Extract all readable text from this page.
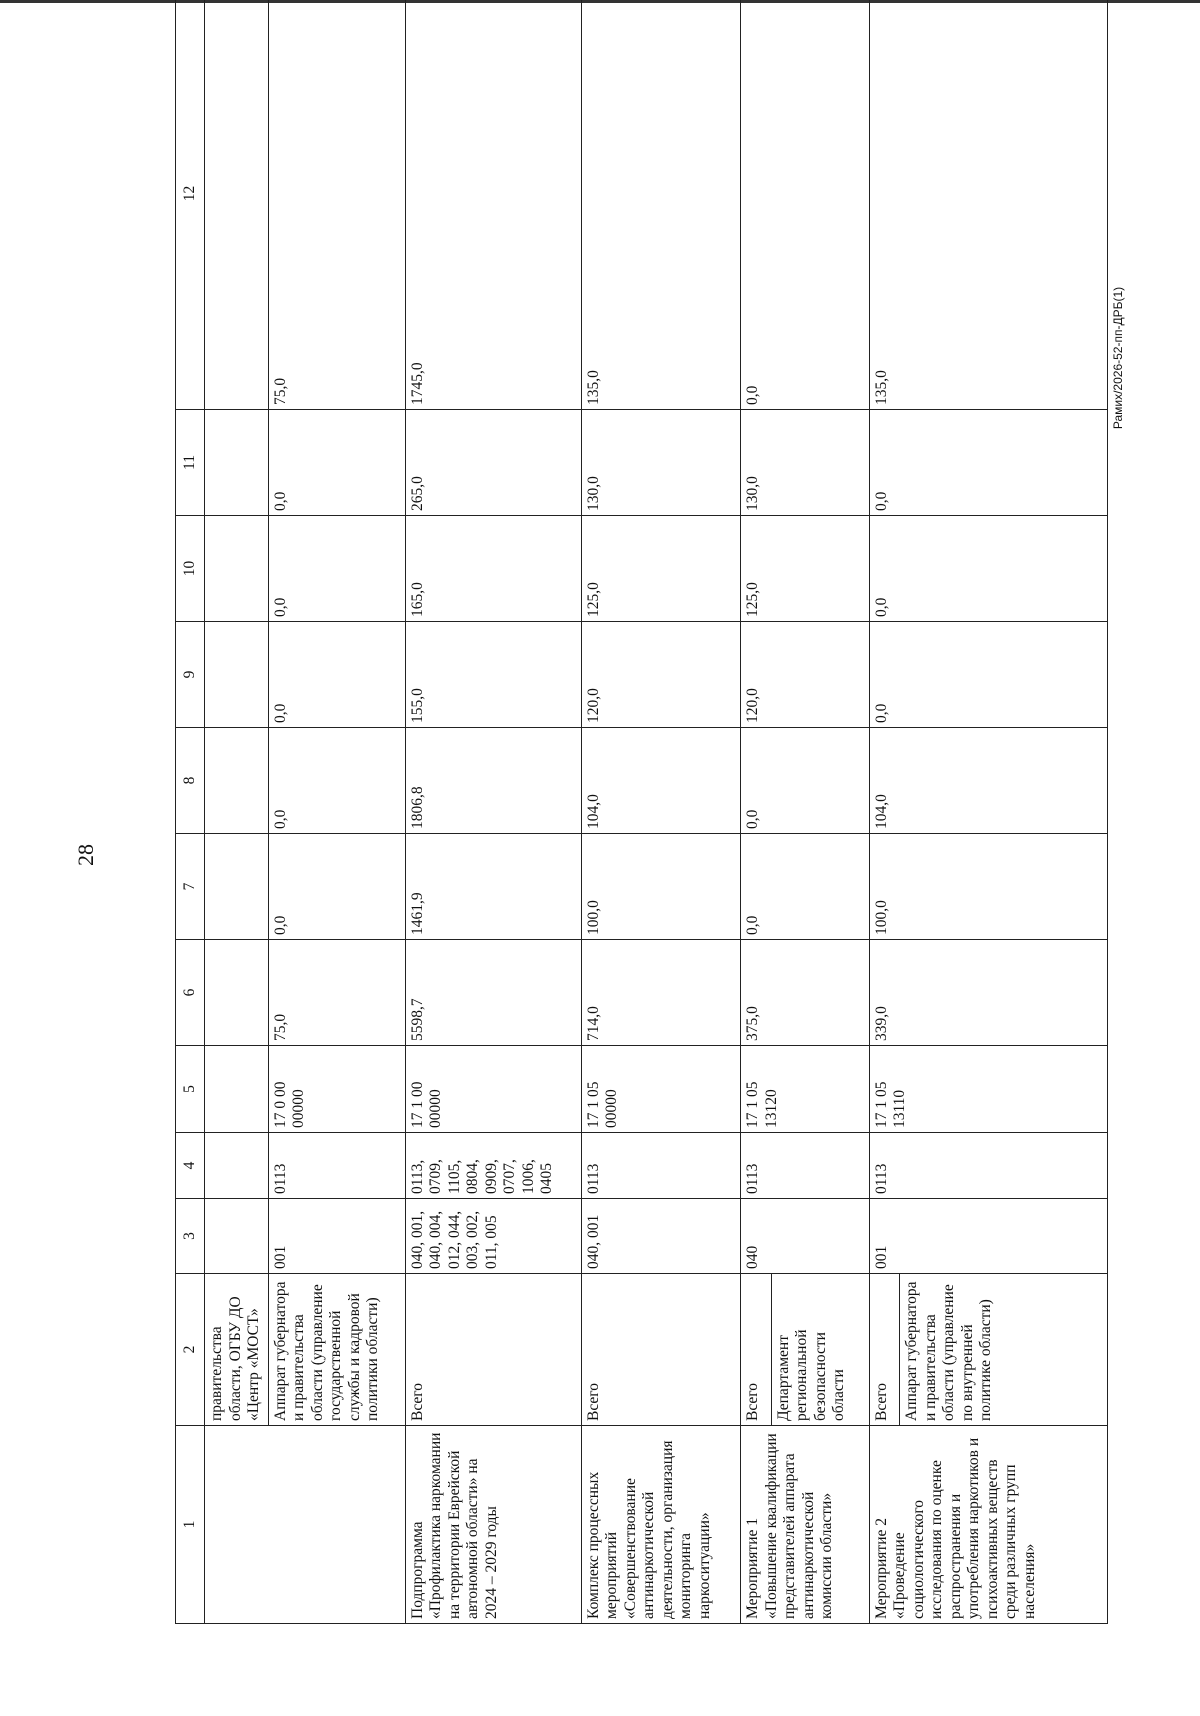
28
1	2	3	4	5	6	7	8	9	10	11	12
	правительства области, ОГБУ ДО «Центр «МОСТ»										
	Аппарат губернатора и правительства области (управление государственной службы и кадровой политики области)	001	0113	17 0 00 00000	75,0	0,0	0,0	0,0	0,0	0,0	75,0
Подпрограмма «Профилактика наркомании на территории Еврейской автономной области» на 2024 – 2029 годы	Всего	040, 001, 040, 004, 012, 044, 003, 002, 011, 005	0113, 0709, 1105, 0804, 0909, 0707, 1006, 0405	17 1 00 00000	5598,7	1461,9	1806,8	155,0	165,0	265,0	1745,0
Комплекс процессных мероприятий «Совершенствование антинаркотической деятельности, организация мониторинга наркоситуации»	Всего	040, 001	0113	17 1 05 00000	714,0	100,0	104,0	120,0	125,0	130,0	135,0
Мероприятие 1 «Повышение квалификации представителей аппарата антинаркотической комиссии области»	Всего	040	0113	17 1 05 13120	375,0	0,0	0,0	120,0	125,0	130,0	0,0
	Департамент региональной безопасности области										
Мероприятие 2 «Проведение социологического исследования по оценке распространения и употребления наркотиков и психоактивных веществ среди различных групп населения»	Всего	001	0113	17 1 05 13110	339,0	100,0	104,0	0,0	0,0	0,0	135,0
	Аппарат губернатора и правительства области (управление по внутренней политике области)										
Рамих/2026-52-пп-ДРБ(1)
